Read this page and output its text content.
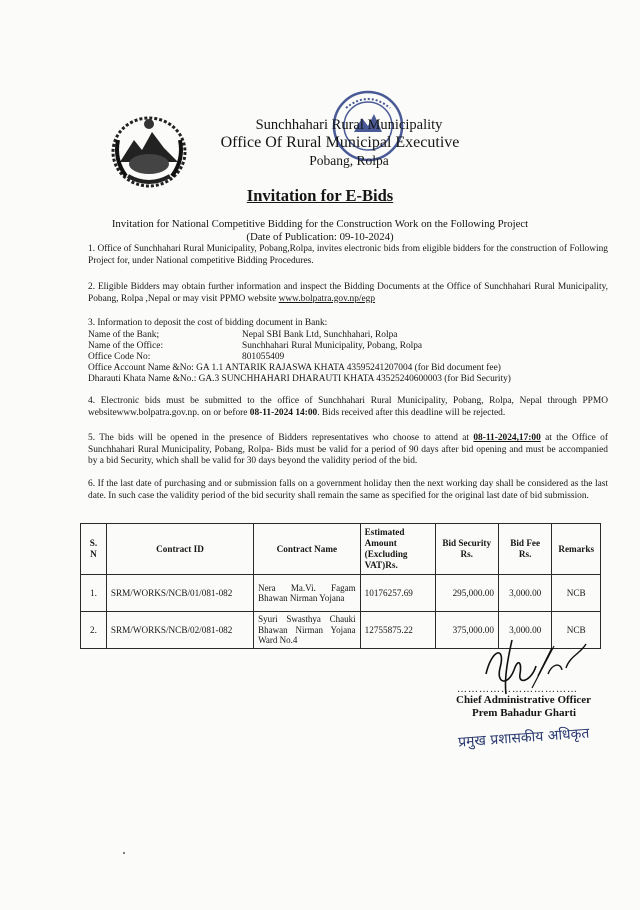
Sunchhahari Rural Municipality
Office Of Rural Municipal Executive
Pobang, Rolpa
Invitation for E-Bids
Invitation for National Competitive Bidding for the Construction Work on the Following Project
(Date of Publication: 09-10-2024)
1. Office of Sunchhahari Rural Municipality, Pobang,Rolpa, invites electronic bids from eligible bidders for the construction of Following Project for, under National competitive Bidding Procedures.
2. Eligible Bidders may obtain further information and inspect the Bidding Documents at the Office of Sunchhahari Rural Municipality, Pobang, Rolpa ,Nepal or may visit PPMO website www.bolpatra.gov.np/egp
3. Information to deposit the cost of bidding document in Bank:
Name of the Bank;	Nepal SBI Bank Ltd, Sunchhahari, Rolpa
Name of the Office:	Sunchhahari Rural Municipality, Pobang, Rolpa
Office Code No:	801055409
Office Account Name &No: GA 1.1 ANTARIK RAJASWA KHATA 43595241207004 (for Bid document fee)
Dharauti Khata Name &No.: GA.3 SUNCHHAHARI DHARAUTI KHATA 43525240600003 (for Bid Security)
4. Electronic bids must be submitted to the office of Sunchhahari Rural Municipality, Pobang, Rolpa, Nepal through PPMO websitewww.bolpatra.gov.np. on or before 08-11-2024 14:00. Bids received after this deadline will be rejected.
5. The bids will be opened in the presence of Bidders representatives who choose to attend at 08-11-2024,17:00 at the Office of Sunchhahari Rural Municipality, Pobang, Rolpa- Bids must be valid for a period of 90 days after bid opening and must be accompanied by a bid Security, which shall be valid for 30 days beyond the validity period of the bid.
6. If the last date of purchasing and or submission falls on a government holiday then the next working day shall be considered as the last date. In such case the validity period of the bid security shall remain the same as specified for the original last date of bid submission.
S.
N	Contract ID	Contract Name	Estimated Amount (Excluding VAT)Rs.	Bid Security Rs.	Bid Fee Rs.	Remarks
1.	SRM/WORKS/NCB/01/081-082	Nera Ma.Vi. Fagam Bhawan Nirman Yojana	10176257.69	295,000.00	3,000.00	NCB
2.	SRM/WORKS/NCB/02/081-082	Syuri Swasthya Chauki Bhawan Nirman Yojana Ward No.4	12755875.22	375,000.00	3,000.00	NCB
……………………………
Chief Administrative Officer
Prem Bahadur Gharti
प्रमुख प्रशासकीय अधिकृत
